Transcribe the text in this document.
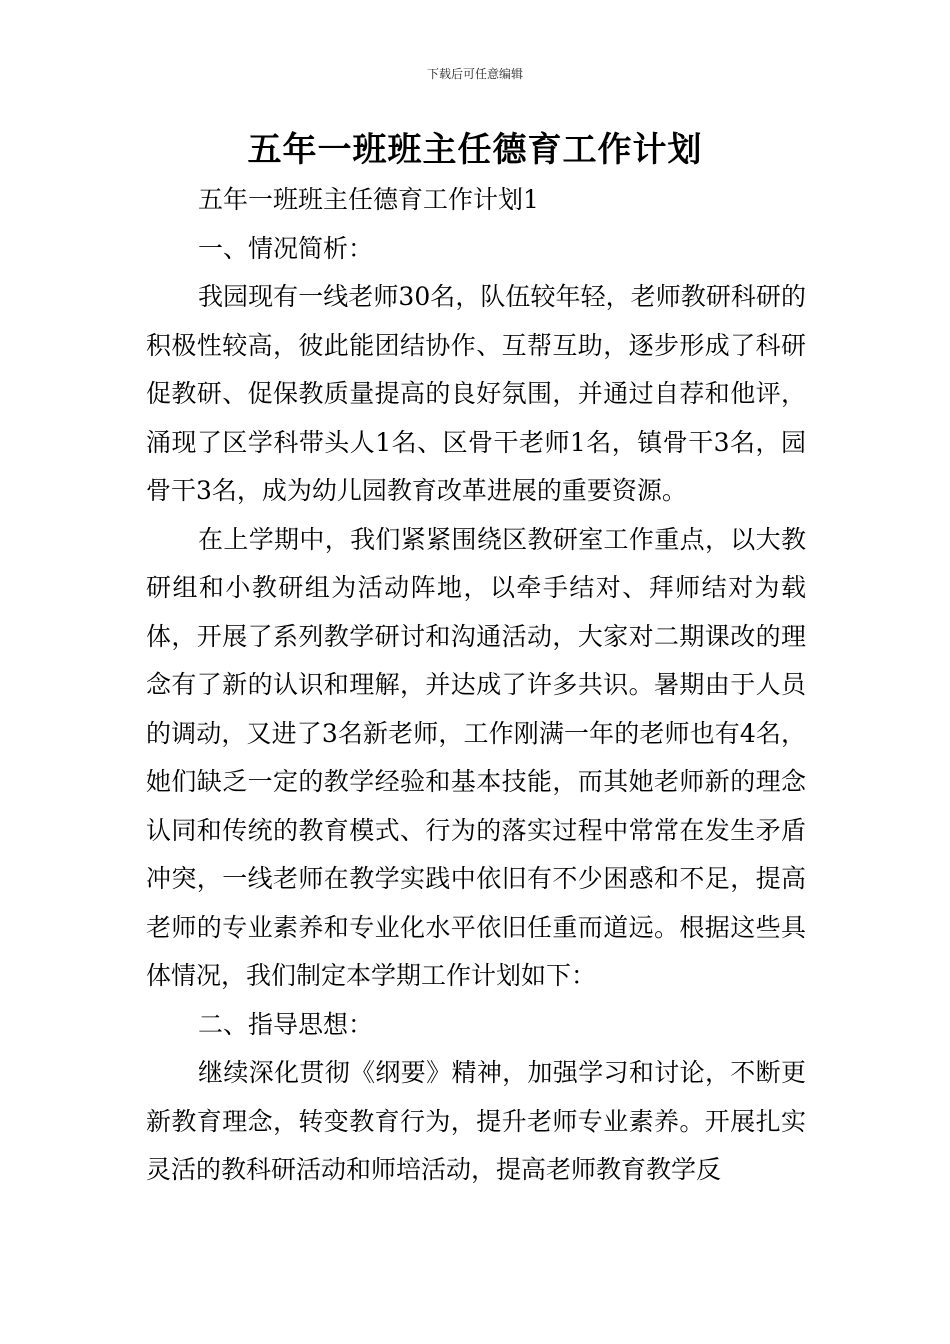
下载后可任意编辑
五年一班班主任德育工作计划

五年一班班主任德育工作计划1

一、情况简析：

我园现有一线老师30名，队伍较年轻，老师教研科研的积极性较高，彼此能团结协作、互帮互助，逐步形成了科研促教研、促保教质量提高的良好氛围，并通过自荐和他评，涌现了区学科带头人1名、区骨干老师1名，镇骨干3名，园骨干3名，成为幼儿园教育改革进展的重要资源。

在上学期中，我们紧紧围绕区教研室工作重点，以大教研组和小教研组为活动阵地，以牵手结对、拜师结对为载体，开展了系列教学研讨和沟通活动，大家对二期课改的理念有了新的认识和理解，并达成了许多共识。暑期由于人员的调动，又进了3名新老师，工作刚满一年的老师也有4名，她们缺乏一定的教学经验和基本技能，而其她老师新的理念认同和传统的教育模式、行为的落实过程中常常在发生矛盾冲突，一线老师在教学实践中依旧有不少困惑和不足，提高老师的专业素养和专业化水平依旧任重而道远。根据这些具体情况，我们制定本学期工作计划如下：

二、指导思想：

继续深化贯彻《纲要》精神，加强学习和讨论，不断更新教育理念，转变教育行为，提升老师专业素养。开展扎实灵活的教科研活动和师培活动，提高老师教育教学反
